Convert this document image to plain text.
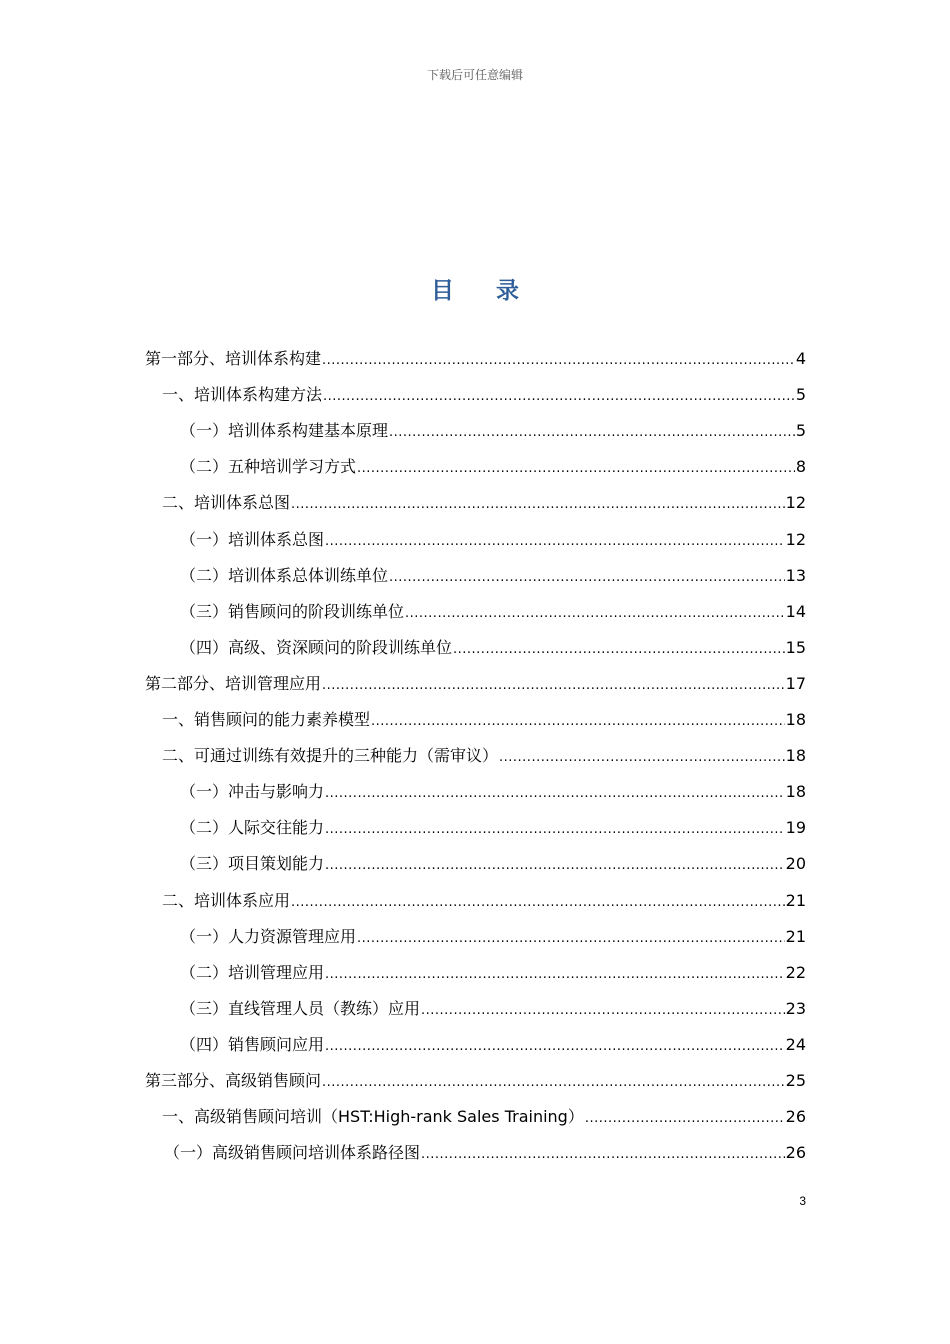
下载后可任意编辑
目 录
第一部分、培训体系构建 .....	4
一、培训体系构建方法 .....	5
（一）培训体系构建基本原理 .....	5
（二）五种培训学习方式 .....	8
二、培训体系总图 .....	12
（一）培训体系总图 .....	12
（二）培训体系总体训练单位 .....	13
（三）销售顾问的阶段训练单位 .....	14
（四）高级、资深顾问的阶段训练单位 .....	15
第二部分、培训管理应用 .....	17
一、销售顾问的能力素养模型 .....	18
二、可通过训练有效提升的三种能力（需审议） .....	18
（一）冲击与影响力 .....	18
（二）人际交往能力 .....	19
（三）项目策划能力 .....	20
二、培训体系应用 .....	21
（一）人力资源管理应用 .....	21
（二）培训管理应用 .....	22
（三）直线管理人员（教练）应用 .....	23
（四）销售顾问应用 .....	24
第三部分、高级销售顾问 .....	25
一、高级销售顾问培训（HST:High-rank Sales Training） .....	26
（一）高级销售顾问培训体系路径图 .....	26
3
